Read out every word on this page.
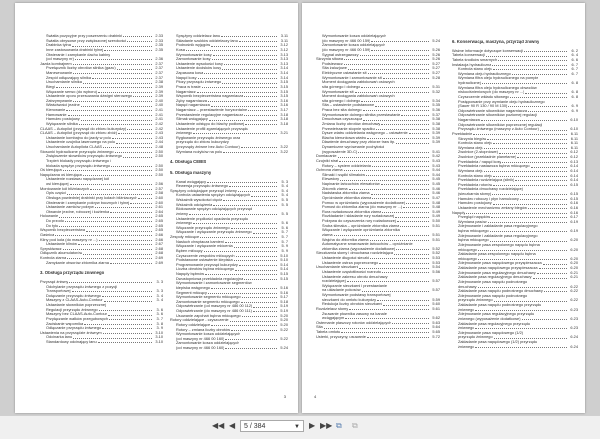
Światła pozycyjne przy poszerzeniu drabinki	2.33
Światła obrysowe przy zwiększonej szerokości	2.33
Drabinka tylna	2.35
Inne zastosowania drabinki tylnej	2.35
Otwieranie i zamykanie dachu kabiny
(od maszyny nr)	2.36
Jazda kombajnem	2.37
Przełącznik liczby obrotów silnika (gazu)	2.37
Manewrowanie	2.37
Zespół odłączający silnika	2.37
Uruchamianie silnika	2.38
Biegi	2.39
Włączanie serwo (do wyboru)	2.39
Ustawienie oporu przesuwania dźwigni sterowego	2.39
Zatrzymywanie	2.40
Właściwości jezdne	2.40
Kierowanie	2.41
Hamowanie	2.41
Hamulec postojowy	2.41
Wyłączanie silnika	2.42
CLAAS – Autopilot (przyrząd do zbioru kukurydzy)	2.42
CLAAS – Autopilot (przyrząd do zbioru zbóż)	2.43
Ustawianie kombajnu do jazdy w polu	2.43
Ustawienie czujnika laserowego na polu	2.44
Uruchamianie Autopilota CLAAS	2.48
Stosunki hydrauliczne przyrządu żniwnego	2.50
Zwiększenie słowników przyrządu żniwnego	2.50
Trzpień blokady przyrządu żniwnego /
blokada sprężyn przyrządu żniwnego	2.50
Oś kierująca	2.50
Napędzana oś kierująca	2.50
Ustawienie rozstawu napędzanej kół
osi kierującej	2.56
Montowanie kół bliźniaczych	2.57
Opis części	2.58
Obsługa powiedniej drabinki przy kołach bliźniaczych	2.60
Otwieranie i zamykanie pokryw bocznych i tylnej	2.60
Ustawianie zamków pokryw	2.61
Otwarcie jezdne, roboczej i kuźienka	2.64
Holowanie	2.65
Do przodu	2.65
Do tyłu	2.65
Wspornik bezpieczeństwa	2.65
Gaśnica	2.66
Kliny pod koła (do maszyny nr ...)	2.66
Ustawianie klinów	2.67
Spryskiwacz	2.68
Odłącznik akumulatorów	2.68
Kontrola ziarna	2.69
Zamykanie otworów zbiornika ziarna	2.69
3. Obsługa przyrządu żniwnego
Przyrząd żniwny	3. 3
Odchylanie przyrządu żniwnego z pozycji
Transportowej	3. 3
Dołączanie przyrządu żniwnego	3. 4
Maszyny z CLAAS-Auto-Contour	3. 4
Ustawianie słowników poprzecznej
Regulacji przyrządu żniwnego	3. 6
Maszyny bez CLAAS-Auto-Contour	3. 6
Przyłączanie wałków przegubowych	3. 7
Zaciskanie wspornika	3. 8
Odłączanie przyrządu żniwnego	3. 9
Ustawienia na przyrządzie żniwnym	3.10
Odcinarka łanu	3.10
Standardowy odcinający łanu	3.10
Sprężyny oddzielacz łanu	3.11
Składanie szukłów oddzielaczy łanu	3.11
Podnośnik wyjęgów	3.12
Kosa	3.12
Wymontowanie kosy	3.13
Zamontowanie kosy	3.13
Ustawienie wysokości kosy	3.13
Ustawienie docisków kosy	3.14
Zapasowa kosa	3.14
Napęd kosy	3.14
Płozy przyrządu żniwnego	3.15
Praca w trasie	3.15
Nagarniacz	3.15
Wspornik bezpieczeństwa nagarniacza	3.15
Zęby nagarniacza	3.16
Napęd nagarniacza	3.16
Nagarniacz – przestawienie horyzontalne	3.17
Przestawienie regulacyjne nagarniacza	3.18
Ślimak wciągający	3.18
Ustawienie odstępu do blachy podłowej	3.18
Ustawienie profili zgarniających przyrządu
żniwnego	3.21
Rygłowanie przyrządu żniwnego oraz
przyrządu do zbioru kukurydzy
(przyrządy żniwne bez Auto Contour)	3.22
Wymiana nożyków na polu	3.22
4. Obsługa CEBIS
5. Obsługa maszyny
Kanał wciągający	5. 3
Rewersja przyrządu żniwnego	5. 4
Sprężyny odciążające przyrząd żniwny	5. 4
Kontrola ustawienia sprężyn odciążających	5. 4
Wskaźnik wysokości cięcia	5. 5
Wskaźnik odciążenia	5. 5
Blokowanie sprężyn odciążających przyrząd
żniwny	5. 5
Ustawienie prędkości opadania przyrządu
żniwnego	5. 6
Włączanie przyrządu żniwnego	5. 6
Włączanie i wyłączanie przyrządu żniwnego	5. 7
Zespoły młócące	5. 7
Nasłuch chwytacza kamieni	5. 7
Włączanie i wyłączanie młócenia	5. 9
Bęben młócący	5. 9
Czyszczenie zespołów młócących	5.10
Podstawowe ustawienie klepiska	5.10
Programowanie przyrząd kukurydzy	5.14
Liczba obrotów bębna młócącego	5.14
Napędy bębnów	5.15
Dwustopniowa przekładnia regulacyjna	5.15
Wymontowanie i zamontowanie segmentów
klepiska wstępnego	5.16
Segment młócący	5.16
Wymontowanie segmentu młócącego	5.17
Zamontowanie segmentu młócącego	5.18
Odpowietrzanie (od maszyny nr 486 00 112)	5.19
Odpowietrzanie (do maszyny nr 486 00 111)	5.19
Usuwanie zapchań bębna młócącego	5.20
Rotory oddzielające - czyszczenie	5.20
Rotory oddzielające	5.20
Rotory – zmiana liczby obrotów	5.22
Wymontowanie kosza oddzielających
(od maszyny nr 466 00 160)	5.22
Zamontowanie kosza oddzielających
(od maszyny nr 466 00 160)	5.24
3
Wymontowanie kosza oddzielających
(do maszyny nr 466 00 159)	5.24
Zamontowanie kosza oddzielających
(do maszyny nr 466 00 159)	5.26
Sygnał ostrzegawczy	5.26
Skrzynia sitowa	5.26
Podsiewacz	5.27
Sita żaluzjowe	5.27
Elektryczne ustawianie sit	5.27
Wymontowanie i zamontowanie sit	5.28
Moment dociągania zabłokowań osiowych
sita górnego i dolnego	5.31
Wymontowanie sit	5.32
Moment dociągania zabłokowań osiowych
sita górnego i dolnego	5.34
Sita – ustawienie podstawowe	5.35
Praca bez sita dolnego	5.36
Wymontowanie dolnego sitnika przestawianie	5.37
Dmuchawa czyszcząca	5.38
Zmiana liczby obrotów dmuchawy	5.38
Przewietrzanie stopnie spadku	5.38
Dysze wiatru oddzielania wstępnego – ustawienie	5.39
Blacha kierunkowa wiatru	5.39
Dławienie dmuchawy przy zbiorze traw itp.	5.39
Dynamiczne wyrównanie pochyłości
(wyposażenie 3D-C)	5.41
Domłacanie	5.42
Czujniki strat	5.43
Rotory – system oddzielania	5.43
Ochrona ziarna	5.44
Ślimaki i rządki ślimaków	5.44
Elewatory	5.45
Napinanie łańcuchów elewatorów	5.45
Zbiornik ziarna	5.46
Nadstawka zbiornika ziarna	5.46
Opróżnianie zbiornika ziarna	5.47
Pomoc w opróżnianiu (wyposażenie dodatkowe)	5.48
Pomost do zbiornika ziarna (do maszyny nr ...)	5.48
Rura rozładowcza zbiornika ziarna	5.49
Rozkładanie i składanie rury rozładowczej	5.49
Pokrywa do czyszczenia rury rozładowczej	5.50
Śruba ślimaka – opróżnianie zbiornika ziarna	5.51
Włączanie i wyłączanie opróżniania zbiornika
ziarna	5.51
Wajcha do zbiornika ziarna	5.51
Automatyczne smarowanie łańcuchów – opróżnianie
zbiornika ziarna (wyposażenie dodatkowe)	5.52
Sieczkarnia słomy i dmuchawa rozdzielająca	5.52
Ustawienie długości sieczki	5.53
Ustawienie ostrza poprzecznego	5.53
Uruchamianie sieczkarni	5.54
Ustawienie częstotliwości rozrzutu	5.56
Ustawienie zakresu obrotu dmuchawy
rozdzielającej	5.57
Wyłączanie sieczkarni i przestawianie
na układanie pokosów	5.57
Wymontowanie podstawy transportowej
sieczkarni do omłotu kukurydzy	5.59
Redukcja liczby obrotów sieczkarni	5.60
Rozdzielacz słomy	5.61
Zsuwanie płownika zasuwy na kanale
wciągającym	5.62
Ostemanie płaszczy rotorów oddzielających	5.63
Sita	5.64
Tabela omłotu	5.65
Usterki, przyczyny, usuwanie	5.72
6. Konserwacja, maszyna, przyrząd żniwny
Ważne informacje dotyczące konserwacji	6. 2
Tabela konserwacji	6. 4
Tabela środków smarnych	6. 6
Instalacja hydrauliczna	6. 7
Kontrola stanu oleju	6. 7
Wymiana oleju hydraulicznego	6. 7
Wymiana filtra oleju hydraulicznego na pompie
hydraulicznej	6. 8
Wymiana filtra oleju hydraulicznego obwodów
niskociśnieniowych (do maszyny nr ...)	6. 8
Czyszczenie wkładu sitowego	6. 8
Postępowanie przy wymianie oleju hydraulicznego
(Sauer 90 R 130 / 90 M 130)	6. 9
Odpowietrzanie siłowników nagarniacza	6. 9
Odpowietrzanie siłowników poziomej regulacji
Nagarniacza	6.10
Odpowietrzanie siłowników poprzecznej regulacji
Przyrządu żniwnego (maszyny z Auto Contour)	6.10
Przekładnie	6.11
Skrzynia biegów	6.11
Kontrola stanu oleju	6.11
Wymiana oleju	6.11
Zwolnice (2-stopniowe)	6.12
Zwolnice (przekładnie planetarne)	6.12
Przekładnia / napęd kosy	6.13
Przekładnia nastawcza bębna młócącego	6.14
Wymiana oleju	6.14
Kontrola stanu oleju	6.14
Przekładnia rozdzielająca (silnik)	6.14
Przekładnia rotorów	6.15
Przekładnia dmuchawy rozdzielającej
(sieczkarnia słomy)	6.15
Hamulec roboczy i płyn hamulcowy	6.15
Hamulec postojowy	6.16
Ustawienie mechanizmu zmiany biegów	6.16
Napędy	6.16
Przegląd napędów	6.17
Wymiana pasów	6.19
Zdejmowanie i zakładanie pasa regulacyjnego
bębna młócącego	6.19
Zdejmowanie i zakładanie pasa regulacyjnego
bębna młócącego	6.20
Zdejmowanie pasa zespolonego napędu bębna
młócącego	6.20
Zakładanie pasa zespolonego napędu bębna
młócącego	6.20
Zdejmowanie pasa napędowego przyspieszacza	6.20
Zakładanie pasa napędowego przyspieszacza	6.20
Zdejmowanie pasa regulacyjnego dmuchawy	6.21
Zakładanie pasa regulacyjnego dmuchawy	6.21
Zdejmowanie pasa napędu podnośnego
dmuchawy	6.22
Zakładanie pasa napędu podnośnego dmuchawy	6.22
Zdejmowanie pasa napędu podnośnego
przyrządu żniwnego	6.22
Zakładanie pasa napędu podnośnego przyrządu
żniwnego	6.23
Zdejmowanie pasa regulacyjnego przyrządu
żniwnego (wyposażenie dodatkowe)	6.23
Zakładanie pasa regulacyjnego przyrządu
żniwnego	6.23
Zdejmowanie pasa napędowego (1/2)
przyrządu żniwnego	6.24
Zakładanie pasa napędowego (1/2) przyrządu
żniwnego	6.24
4
◀◀ ◀	5 / 384	▼ ▶ ▶▶ ⧉ ⧉
